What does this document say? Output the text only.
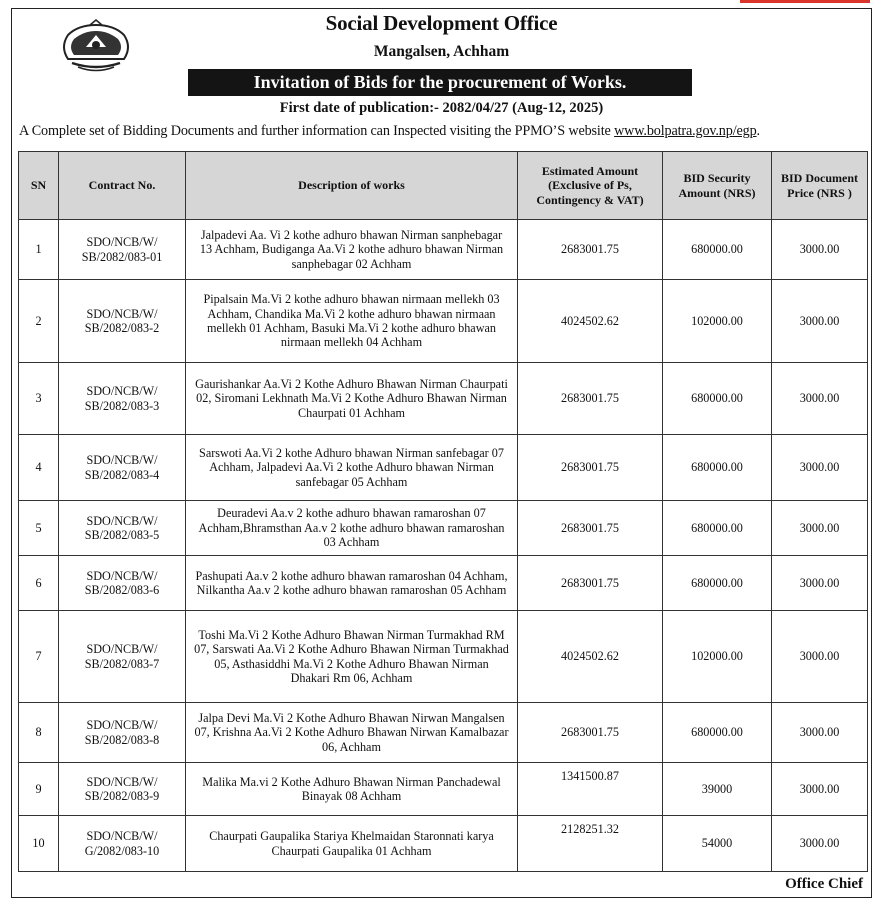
Social Development Office
Mangalsen, Achham
Invitation of Bids for the procurement of Works.
First date of publication:- 2082/04/27 (Aug-12, 2025)
A Complete set of Bidding Documents and further information can Inspected visiting the PPMO’S website www.bolpatra.gov.np/egp.
SN	Contract No.	Description of works	Estimated Amount (Exclusive of Ps, Contingency & VAT)	BID Security Amount (NRS)	BID Document Price (NRS )
1	SDO/NCB/W/ SB/2082/083-01	Jalpadevi Aa. Vi 2 kothe adhuro bhawan Nirman sanphebagar 13 Achham, Budiganga Aa.Vi 2 kothe adhuro bhawan Nirman sanphebagar 02 Achham	2683001.75	680000.00	3000.00
2	SDO/NCB/W/ SB/2082/083-2	Pipalsain Ma.Vi 2 kothe adhuro bhawan nirmaan mellekh 03 Achham, Chandika Ma.Vi 2 kothe adhuro bhawan nirmaan mellekh 01 Achham, Basuki Ma.Vi 2 kothe adhuro bhawan nirmaan mellekh 04 Achham	4024502.62	102000.00	3000.00
3	SDO/NCB/W/ SB/2082/083-3	Gaurishankar Aa.Vi 2 Kothe Adhuro Bhawan Nirman Chaurpati 02, Siromani Lekhnath Ma.Vi 2 Kothe Adhuro Bhawan Nirman Chaurpati 01 Achham	2683001.75	680000.00	3000.00
4	SDO/NCB/W/ SB/2082/083-4	Sarswoti Aa.Vi 2 kothe Adhuro bhawan Nirman sanfebagar 07 Achham, Jalpadevi Aa.Vi 2 kothe Adhuro bhawan Nirman sanfebagar 05 Achham	2683001.75	680000.00	3000.00
5	SDO/NCB/W/ SB/2082/083-5	Deuradevi Aa.v 2 kothe adhuro bhawan ramaroshan 07 Achham,Bhramsthan Aa.v 2 kothe adhuro bhawan ramaroshan 03 Achham	2683001.75	680000.00	3000.00
6	SDO/NCB/W/ SB/2082/083-6	Pashupati Aa.v 2 kothe adhuro bhawan ramaroshan 04 Achham, Nilkantha Aa.v 2 kothe adhuro bhawan ramaroshan 05 Achham	2683001.75	680000.00	3000.00
7	SDO/NCB/W/ SB/2082/083-7	Toshi Ma.Vi 2 Kothe Adhuro Bhawan Nirman Turmakhad RM 07, Sarswati Aa.Vi 2 Kothe Adhuro Bhawan Nirman Turmakhad 05, Asthasiddhi Ma.Vi 2 Kothe Adhuro Bhawan Nirman Dhakari Rm 06, Achham	4024502.62	102000.00	3000.00
8	SDO/NCB/W/ SB/2082/083-8	Jalpa Devi Ma.Vi 2 Kothe Adhuro Bhawan Nirwan Mangalsen 07, Krishna Aa.Vi 2 Kothe Adhuro Bhawan Nirwan Kamalbazar 06, Achham	2683001.75	680000.00	3000.00
9	SDO/NCB/W/ SB/2082/083-9	Malika Ma.vi 2 Kothe Adhuro Bhawan Nirman Panchadewal Binayak 08 Achham	1341500.87	39000	3000.00
10	SDO/NCB/W/ G/2082/083-10	Chaurpati Gaupalika Stariya Khelmaidan Staronnati karya Chaurpati Gaupalika 01 Achham	2128251.32	54000	3000.00
Office Chief
